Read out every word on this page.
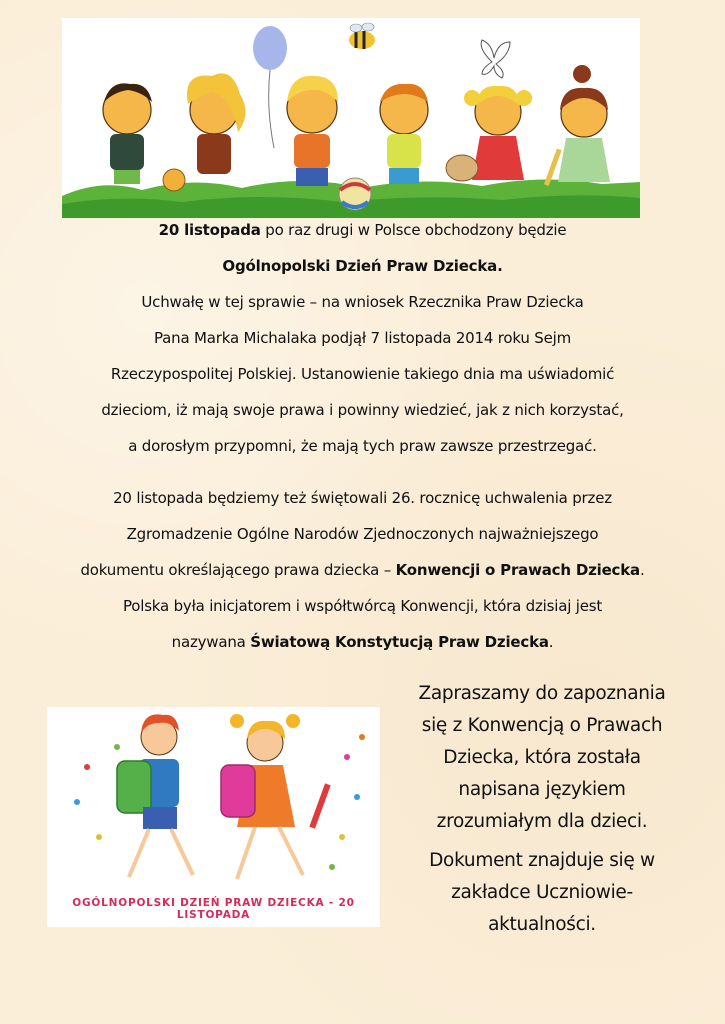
20 listopada po raz drugi w Polsce obchodzony będzie
Ogólnopolski Dzień Praw Dziecka.
Uchwałę w tej sprawie – na wniosek Rzecznika Praw Dziecka
Pana Marka Michalaka podjął 7 listopada 2014 roku Sejm
Rzeczypospolitej Polskiej. Ustanowienie takiego dnia ma uświadomić
dzieciom, iż mają swoje prawa i powinny wiedzieć, jak z nich korzystać,
a dorosłym przypomni, że mają tych praw zawsze przestrzegać.
20 listopada będziemy też świętowali 26. rocznicę uchwalenia przez
Zgromadzenie Ogólne Narodów Zjednoczonych najważniejszego
dokumentu określającego prawa dziecka – Konwencji o Prawach Dziecka.
Polska była inicjatorem i współtwórcą Konwencji, która dzisiaj jest
nazywana Światową Konstytucją Praw Dziecka.
OGÓLNOPOLSKI DZIEŃ PRAW DZIECKA - 20 LISTOPADA
Zapraszamy do zapoznania
się z Konwencją o Prawach
Dziecka, która została
napisana językiem
zrozumiałym dla dzieci.
Dokument znajduje się w
zakładce Uczniowie-
aktualności.
